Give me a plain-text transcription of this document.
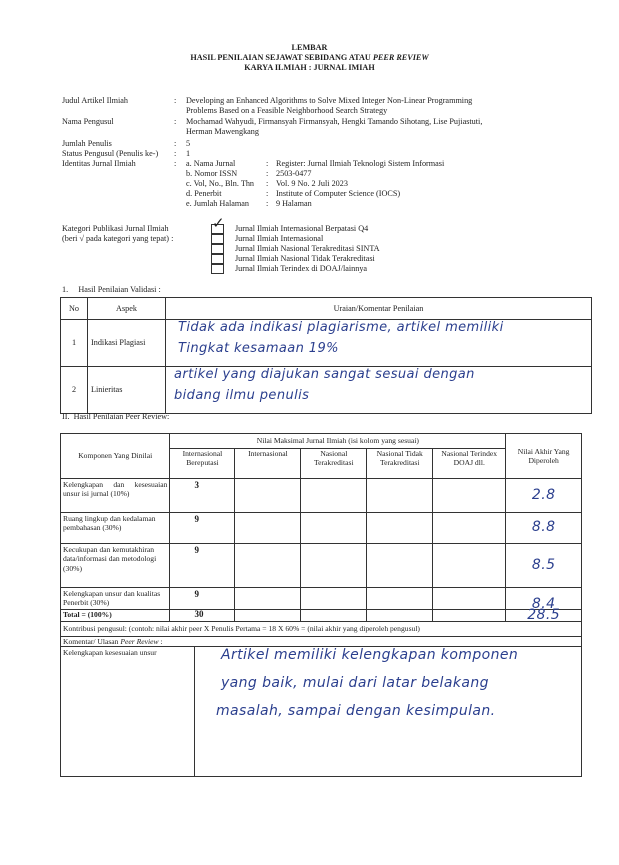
LEMBAR
HASIL PENILAIAN SEJAWAT SEBIDANG ATAU PEER REVIEW
KARYA ILMIAH : JURNAL IMIAH
Judul Artikel Ilmiah	: Developing an Enhanced Algorithms to Solve Mixed Integer Non-Linear Programming
Problems Based on a Feasible Neighborhood Search Strategy
Nama Pengusul	: Mochamad Wahyudi, Firmansyah Firmansyah, Hengki Tamando Sihotang, Lise Pujiastuti,
Herman Mawengkang
Jumlah Penulis	: 5
Status Pengusul (Penulis ke-) : 1
Identitas Jurnal Ilmiah	: a. Nama Jurnal	: Register: Jurnal Ilmiah Teknologi Sistem Informasi
b. Nomor ISSN	: 2503-0477
c. Vol, No., Bln. Thn : Vol. 9 No. 2 Juli 2023
d. Penerbit	: Institute of Computer Science (IOCS)
e. Jumlah Halaman : 9 Halaman
Kategori Publikasi Jurnal Ilmiah
(beri √ pada kategori yang tepat) :
✓ Jurnal Ilmiah Internasional Berpatasi Q4
Jurnal Ilmiah Internasional
Jurnal Ilmiah Nasional Terakreditasi SINTA
Jurnal Ilmiah Nasional Tidak Terakreditasi
Jurnal Ilmiah Terindex di DOAJ/lainnya
1.     Hasil Penilaian Validasi :
No	Aspek	Uraian/Komentar Penilaian
1	Indikasi Plagiasi	Tidak ada indikasi plagiarisme, artikel memiliki
Tingkat kesamaan 19%

2	Linieritas	artikel yang diajukan sangat sesuai dengan
bidang ilmu penulis
II.  Hasil Penilaian Peer Review:
Komponen Yang Dinilai	Nilai Maksimal Jurnal Ilmiah (isi kolom yang sesuai)					Nilai Akhir Yang Diperoleh
	Internasional Bereputasi	Internasional	Nasional Terakreditasi	Nasional Tidak Terakreditasi	Nasional Terindex DOAJ dll.	
Kelengkapan dan kesesuaian unsur isi jurnal (10%)	3					2.8
Ruang lingkup dan kedalaman pembahasan (30%)	9					8.8
Kecukupan dan kemutakhiran data/informasi dan metodologi (30%)	9					8.5
Kelengkapan unsur dan kualitas Penerbit (30%)	9					8.4
Total = (100%)	30					28.5
Kontribusi pengusul: (contoh: nilai akhir peer X Penulis Pertama = 18 X 60% = (nilai akhir yang diperoleh pengusul)						
Komentar/ Ulasan Peer Review :						

Kelengkapan kesesuaian unsur Artikel memiliki kelengkapan komponen
yang baik, mulai dari latar belakang
masalah, sampai dengan kesimpulan.						
